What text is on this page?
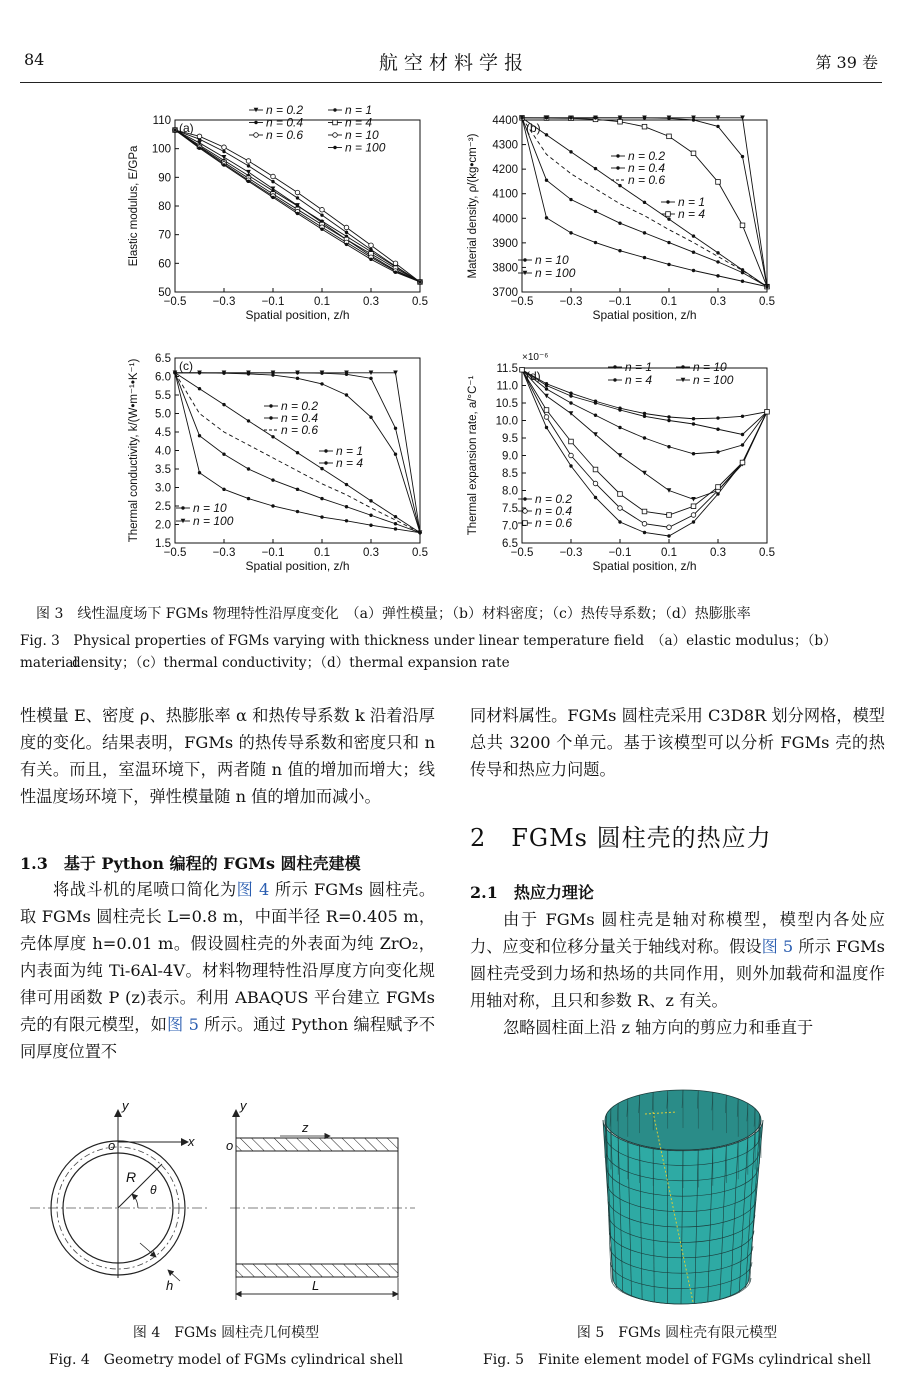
84	航 空 材 料 学 报	第 39 卷
(a)
−0.5 −0.3 −0.1	0.1	0.3	0.5
50
60
70
80
90
100
110
Spatial position, z/h
Elastic modulus, E/GPa
n = 0.2
n = 0.4
n = 0.6
n = 1
n = 4
n = 10
n = 100
(b)
−0.5 −0.3 −0.1	0.1	0.3	0.5
3700
3800
3900
4000
4100
4200
4300
4400
Spatial position, z/h
Material density, ρ/(kg•cm⁻³)	n = 0.2
n = 0.4
n = 0.6
n = 1
n = 4
n = 10
n = 100
(c)
−0.5 −0.3 −0.1	0.1	0.3	0.5
1.5
2.0
2.5
3.0
3.5
4.0
4.5
5.0
5.5
6.0
6.5
Spatial position, z/h
Thermal conductivity, k/(W•m⁻¹•K⁻¹)	n = 0.2
n = 0.4
n = 0.6
n = 1
n = 4
n = 10
n = 100
(d)
−0.5 −0.3 −0.1	0.1	0.3	0.5
6.5
7.0
7.5
8.0
8.5
9.0
9.5
10.0
10.5
11.0
11.5
Spatial position, z/h
Thermal expansion rate, a/°C⁻¹
×10⁻⁶
n = 1
n = 4
n = 10
n = 100
n = 0.2
n = 0.4
n = 0.6
图 3　线性温度场下 FGMs 物理特性沿厚度变化　（a）弹性模量；（b）材料密度；（c）热传导系数；（d）热膨胀率
Fig. 3　Physical properties of FGMs varying with thickness under linear temperature field　（a）elastic modulus；（b）material
density；（c）thermal conductivity；（d）thermal expansion rate

性模量 E、密度 ρ、热膨胀率 α 和热传导系数 k 沿着沿厚度的变化。结果表明，FGMs 的热传导系数和密度只和 n 有关。而且，室温环境下，两者随 n 值的增加而增大；线性温度场环境下，弹性模量随 n 值的增加而减小。

1.3　基于 Python 编程的 FGMs 圆柱壳建模

将战斗机的尾喷口简化为图 4 所示 FGMs 圆柱壳。取 FGMs 圆柱壳长 L=0.8 m，中面半径 R=0.405 m，壳体厚度 h=0.01 m。假设圆柱壳的外表面为纯 ZrO₂，内表面为纯 Ti-6Al-4V。材料物理特性沿厚度方向变化规律可用函数 P (z)表示。利用 ABAQUS 平台建立 FGMs 壳的有限元模型，如图 5 所示。通过 Python 编程赋予不同厚度位置不

同材料属性。FGMs 圆柱壳采用 C3D8R 划分网格，模型总共 3200 个单元。基于该模型可以分析 FGMs 壳的热传导和热应力问题。

2　FGMs 圆柱壳的热应力
2.1　热应力理论

由于 FGMs 圆柱壳是轴对称模型，模型内各处应力、应变和位移分量关于轴线对称。假设图 5 所示 FGMs 圆柱壳受到力场和热场的共同作用，则外加载荷和温度作用轴对称，且只和参数 R、z 有关。

忽略圆柱面上沿 z 轴方向的剪应力和垂直于

y
x
o
R
θ
h
y
o
z
L
图 4　FGMs 圆柱壳几何模型
Fig. 4　Geometry model of FGMs cylindrical shell
图 5　FGMs 圆柱壳有限元模型
Fig. 5　Finite element model of FGMs cylindrical shell
